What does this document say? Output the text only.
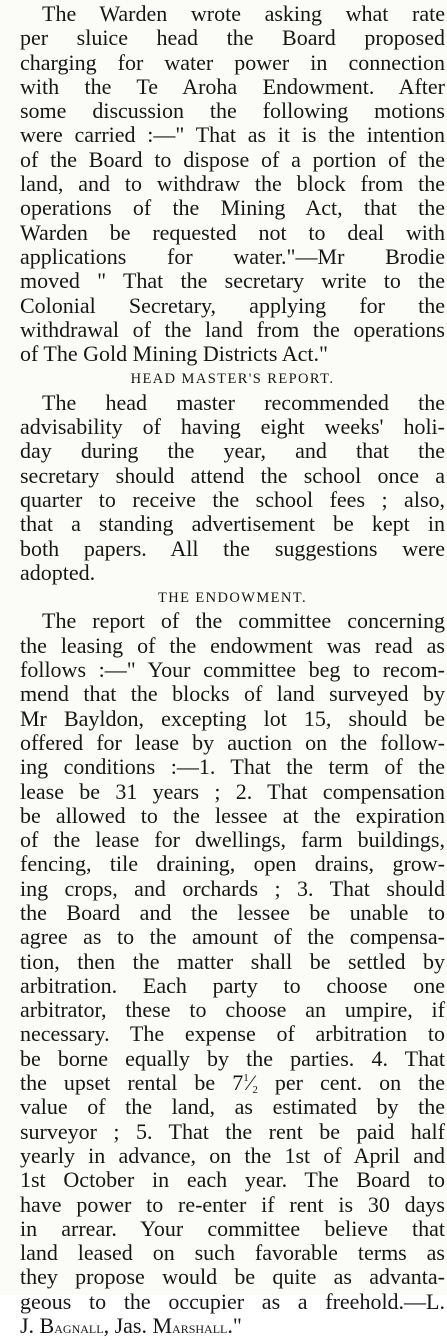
The Warden wrote asking what rate
per sluice head the Board proposed
charging for water power in connection
with the Te Aroha Endowment. After
some discussion the following motions
were carried :—" That as it is the intention
of the Board to dispose of a portion of the
land, and to withdraw the block from the
operations of the Mining Act, that the
Warden be requested not to deal with
applications for water."—Mr Brodie
moved " That the secretary write to the
Colonial Secretary, applying for the
withdrawal of the land from the operations
of The Gold Mining Districts Act."
HEAD MASTER'S REPORT.
The head master recommended the
advisability of having eight weeks' holi-
day during the year, and that the
secretary should attend the school once a
quarter to receive the school fees ; also,
that a standing advertisement be kept in
both papers. All the suggestions were
adopted.
THE ENDOWMENT.
The report of the committee concerning
the leasing of the endowment was read as
follows :—" Your committee beg to recom-
mend that the blocks of land surveyed by
Mr Bayldon, excepting lot 15, should be
offered for lease by auction on the follow-
ing conditions :—1. That the term of the
lease be 31 years ; 2. That compensation
be allowed to the lessee at the expiration
of the lease for dwellings, farm buildings,
fencing, tile draining, open drains, grow-
ing crops, and orchards ; 3. That should
the Board and the lessee be unable to
agree as to the amount of the compensa-
tion, then the matter shall be settled by
arbitration. Each party to choose one
arbitrator, these to choose an umpire, if
necessary. The expense of arbitration to
be borne equally by the parties. 4. That
the upset rental be $7^1⁄_2$ per cent. on the
value of the land, as estimated by the
surveyor ; 5. That the rent be paid half
yearly in advance, on the 1st of April and
1st October in each year. The Board to
have power to re-enter if rent is 30 days
in arrear. Your committee believe that
land leased on such favorable terms as
they propose would be quite as advanta-
geous to the occupier as a freehold.—L.
J. Bagnall, Jas. Marshall."
